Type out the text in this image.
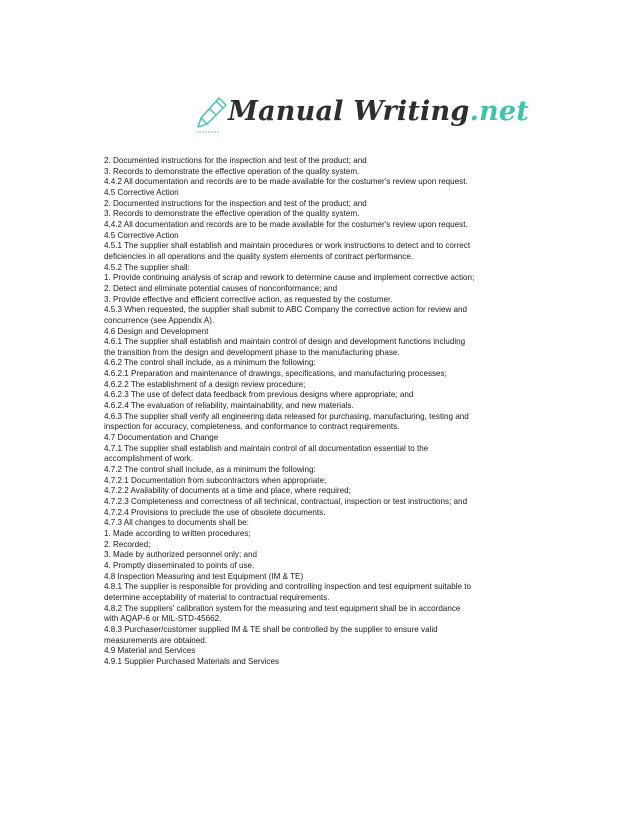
Manual Writing.net
2. Documented instructions for the inspection and test of the product; and
3. Records to demonstrate the effective operation of the quality system.
4.4.2 All documentation and records are to be made available for the costumer's review upon request.
4.5 Corrective Action
2. Documented instructions for the inspection and test of the product; and
3. Records to demonstrate the effective operation of the quality system.
4.4.2 All documentation and records are to be made available for the costumer's review upon request.
4.5 Corrective Action
4.5.1 The supplier shall establish and maintain procedures or work instructions to detect and to correct
deficiencies in all operations and the quality system elements of contract performance.
4.5.2 The supplier shall:
1. Provide continuing analysis of scrap and rework to determine cause and implement corrective action;
2. Detect and eliminate potential causes of nonconformance; and
3. Provide effective and efficient corrective action, as requested by the costumer.
4.5.3 When requested, the supplier shall submit to ABC Company the corrective action for review and
concurrence (see Appendix A).
4.6 Design and Development
4.6.1 The supplier shall establish and maintain control of design and development functions including
the transition from the design and development phase to the manufacturing phase.
4.6.2 The control shall include, as a minimum the following:
4.6.2.1 Preparation and maintenance of drawings, specifications, and manufacturing processes;
4.6.2.2 The establishment of a design review procedure;
4.6.2.3 The use of defect data feedback from previous designs where appropriate; and
4.6.2.4 The evaluation of reliability, maintainability, and new materials.
4.6.3 The supplier shall verify all engineering data released for purchasing, manufacturing, testing and
inspection for accuracy, completeness, and conformance to contract requirements.
4.7 Documentation and Change
4.7.1 The supplier shall establish and maintain control of all documentation essential to the
accomplishment of work.
4.7.2 The control shall include, as a minimum the following:
4.7.2.1 Documentation from subcontractors when appropriate;
4.7.2.2 Availability of documents at a time and place, where required;
4.7.2.3 Completeness and correctness of all technical, contractual, inspection or test instructions; and
4.7.2.4 Provisions to preclude the use of obsolete documents.
4.7.3 All changes to documents shall be:
1. Made according to written procedures;
2. Recorded;
3. Made by authorized personnel only; and
4. Promptly disseminated to points of use.
4.8 Inspection Measuring and test Equipment (IM & TE)
4.8.1 The supplier is responsible for providing and controlling inspection and test equipment suitable to
determine acceptability of material to contractual requirements.
4.8.2 The suppliers' calibration system for the measuring and test equipment shall be in accordance
with AQAP-6 or MIL-STD-45662.
4.8.3 Purchaser/customer supplied IM & TE shall be controlled by the supplier to ensure valid
measurements are obtained.
4.9 Material and Services
4.9.1 Supplier Purchased Materials and Services
